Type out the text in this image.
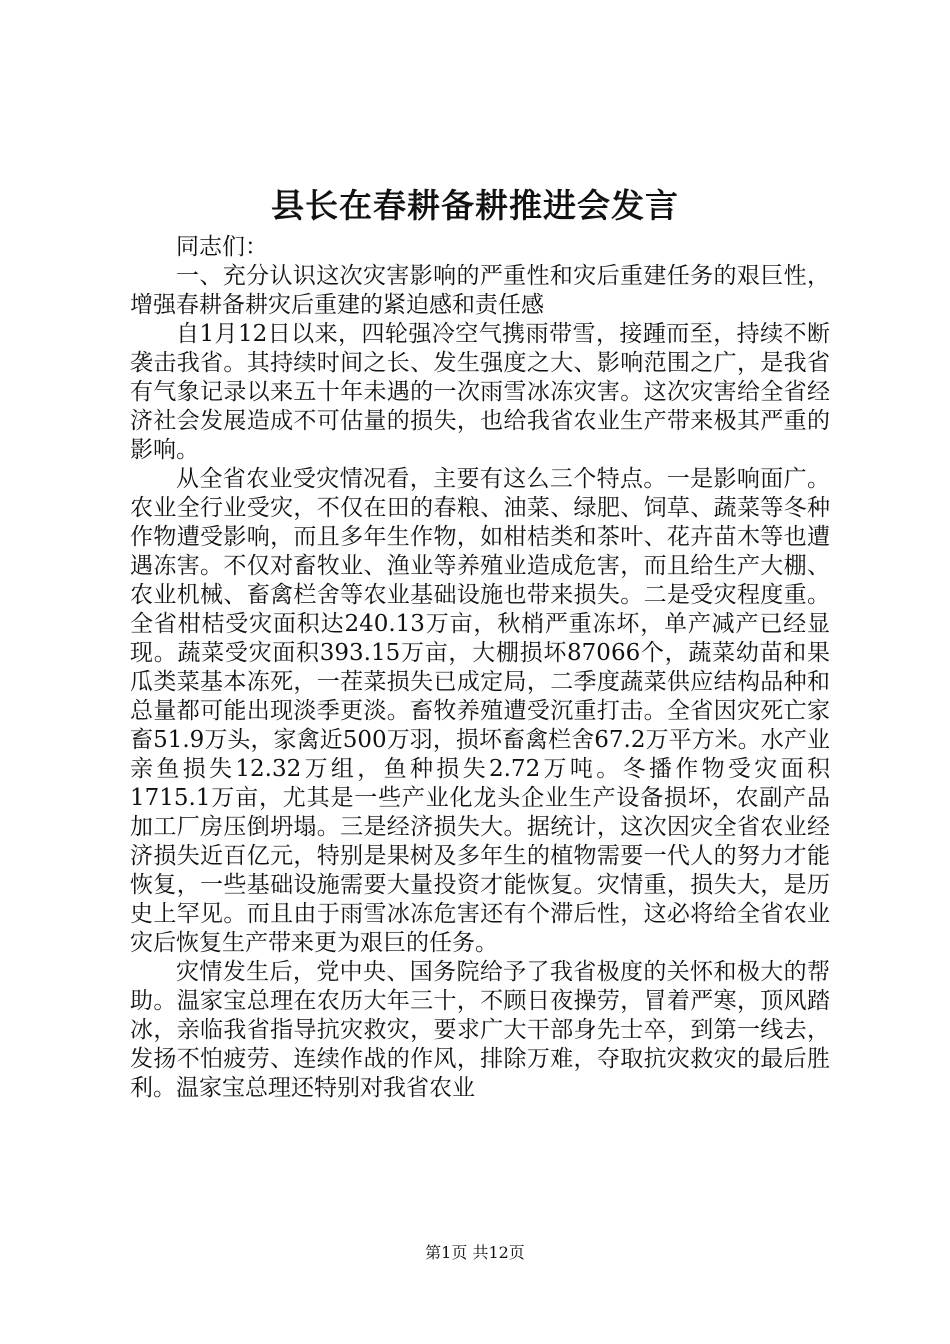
县长在春耕备耕推进会发言

同志们：

一、充分认识这次灾害影响的严重性和灾后重建任务的艰巨性，增强春耕备耕灾后重建的紧迫感和责任感

自1月12日以来，四轮强冷空气携雨带雪，接踵而至，持续不断袭击我省。其持续时间之长、发生强度之大、影响范围之广，是我省有气象记录以来五十年未遇的一次雨雪冰冻灾害。这次灾害给全省经济社会发展造成不可估量的损失，也给我省农业生产带来极其严重的影响。

从全省农业受灾情况看，主要有这么三个特点。一是影响面广。农业全行业受灾，不仅在田的春粮、油菜、绿肥、饲草、蔬菜等冬种作物遭受影响，而且多年生作物，如柑桔类和茶叶、花卉苗木等也遭遇冻害。不仅对畜牧业、渔业等养殖业造成危害，而且给生产大棚、农业机械、畜禽栏舍等农业基础设施也带来损失。二是受灾程度重。全省柑桔受灾面积达240.13万亩，秋梢严重冻坏，单产减产已经显现。蔬菜受灾面积393.15万亩，大棚损坏87066个，蔬菜幼苗和果瓜类菜基本冻死，一茬菜损失已成定局，二季度蔬菜供应结构品种和总量都可能出现淡季更淡。畜牧养殖遭受沉重打击。全省因灾死亡家畜51.9万头，家禽近500万羽，损坏畜禽栏舍67.2万平方米。水产业亲鱼损失12.32万组，鱼种损失2.72万吨。冬播作物受灾面积1715.1万亩，尤其是一些产业化龙头企业生产设备损坏，农副产品加工厂房压倒坍塌。三是经济损失大。据统计，这次因灾全省农业经济损失近百亿元，特别是果树及多年生的植物需要一代人的努力才能恢复，一些基础设施需要大量投资才能恢复。灾情重，损失大，是历史上罕见。而且由于雨雪冰冻危害还有个滞后性，这必将给全省农业灾后恢复生产带来更为艰巨的任务。

灾情发生后，党中央、国务院给予了我省极度的关怀和极大的帮助。温家宝总理在农历大年三十，不顾日夜操劳，冒着严寒，顶风踏冰，亲临我省指导抗灾救灾，要求广大干部身先士卒，到第一线去，发扬不怕疲劳、连续作战的作风，排除万难，夺取抗灾救灾的最后胜利。温家宝总理还特别对我省农业

第1页 共12页
